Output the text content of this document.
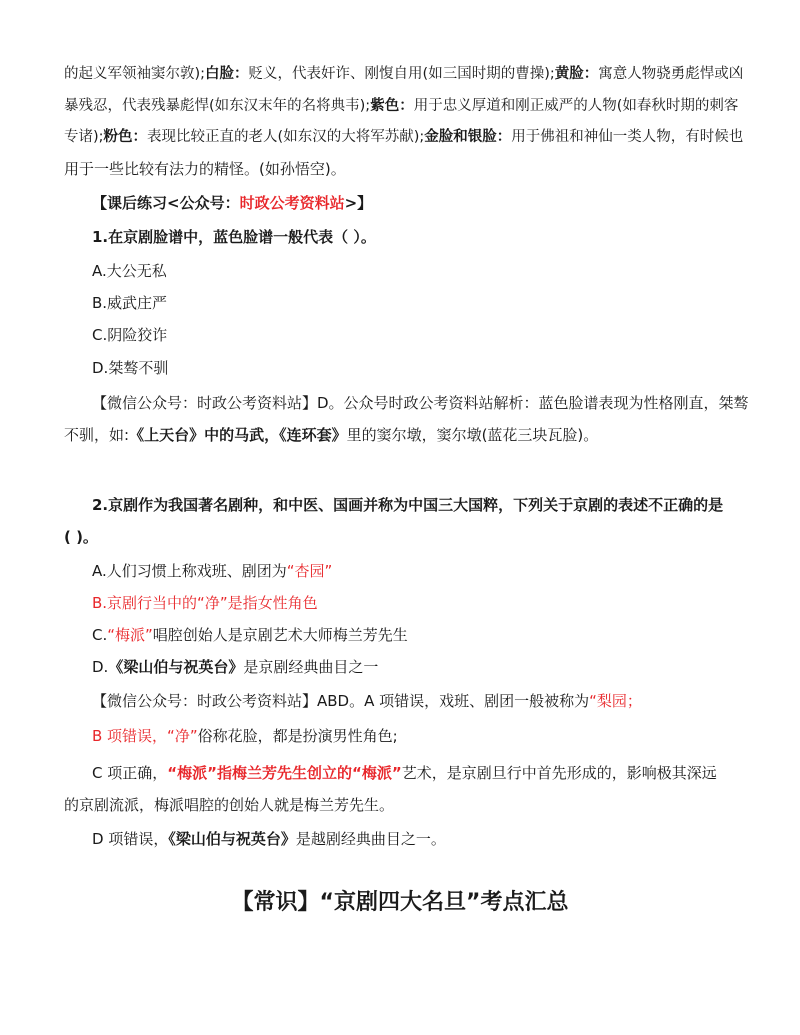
的起义军领袖窦尔敦);白脸：贬义，代表奸诈、刚愎自用(如三国时期的曹操);黄脸：寓意人物骁勇彪悍或凶
暴残忍，代表残暴彪悍(如东汉末年的名将典韦);紫色：用于忠义厚道和刚正威严的人物(如春秋时期的刺客
专诸);粉色：表现比较正直的老人(如东汉的大将军苏献);金脸和银脸：用于佛祖和神仙一类人物，有时候也
用于一些比较有法力的精怪。(如孙悟空)。
【课后练习<公众号：时政公考资料站>】
1.在京剧脸谱中，蓝色脸谱一般代表（ ）。
A.大公无私
B.威武庄严
C.阴险狡诈
D.桀骜不驯
【微信公众号：时政公考资料站】D。公众号时政公考资料站解析：蓝色脸谱表现为性格刚直，桀骜
不驯，如:《上天台》中的马武，《连环套》里的窦尔墩，窦尔墩(蓝花三块瓦脸)。
2.京剧作为我国著名剧种，和中医、国画并称为中国三大国粹，下列关于京剧的表述不正确的是
( )。
A.人们习惯上称戏班、剧团为“杏园”
B.京剧行当中的“净”是指女性角色
C.“梅派”唱腔创始人是京剧艺术大师梅兰芳先生
D.《梁山伯与祝英台》是京剧经典曲目之一
【微信公众号：时政公考资料站】ABD。A 项错误，戏班、剧团一般被称为“梨园；
B 项错误，“净”俗称花脸，都是扮演男性角色;
C 项正确，“梅派”指梅兰芳先生创立的“梅派”艺术，是京剧旦行中首先形成的，影响极其深远
的京剧流派，梅派唱腔的创始人就是梅兰芳先生。
D 项错误，《梁山伯与祝英台》是越剧经典曲目之一。
【常识】“京剧四大名旦”考点汇总
